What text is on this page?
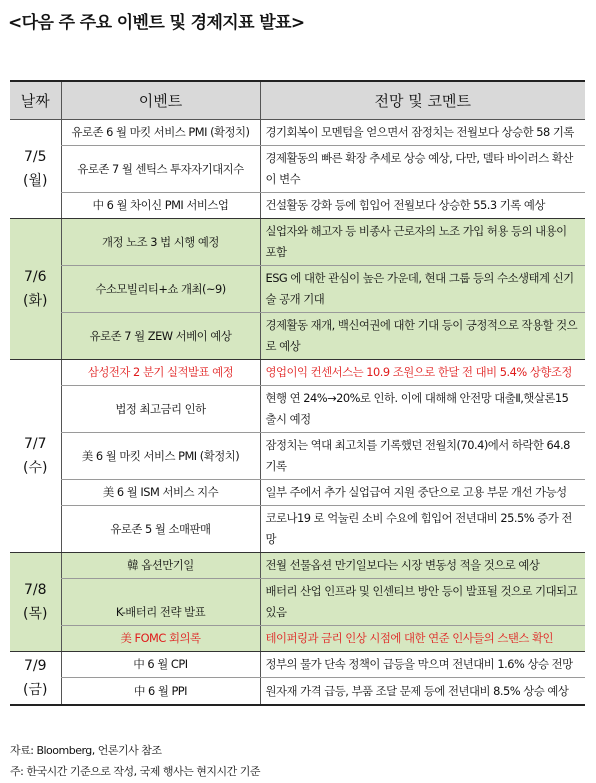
<다음 주 주요 이벤트 및 경제지표 발표>
날짜	이벤트	전망 및 코멘트

7/5
(월)	유로존 6 월 마킷 서비스 PMI (확정치)	경기회복이 모멘텀을 얻으면서 잠정치는 전월보다 상승한 58 기록
	유로존 7 월 센틱스 투자자기대지수	경제활동의 빠른 확장 추세로 상승 예상, 다만, 델타 바이러스 확산이 변수
	中 6 월 차이신 PMI 서비스업	건설활동 강화 등에 힘입어 전월보다 상승한 55.3 기록 예상

7/6
(화)	개정 노조 3 법 시행 예정	실업자와 해고자 등 비종사 근로자의 노조 가입 허용 등의 내용이 포함
	수소모빌리티+쇼 개최(~9)	ESG 에 대한 관심이 높은 가운데, 현대 그룹 등의 수소생태계 신기술 공개 기대
	유로존 7 월 ZEW 서베이 예상	경제활동 재개, 백신여권에 대한 기대 등이 긍정적으로 작용할 것으로 예상

7/7
(수)	삼성전자 2 분기 실적발표 예정	영업이익 컨센서스는 10.9 조원으로 한달 전 대비 5.4% 상향조정
	법정 최고금리 인하	현행 연 24%→20%로 인하. 이에 대해해 안전망 대출Ⅱ,햇살론15 출시 예정
	美 6 월 마킷 서비스 PMI (확정치)	잠정치는 역대 최고치를 기록했던 전월치(70.4)에서 하락한 64.8 기록
	美 6 월 ISM 서비스 지수	일부 주에서 추가 실업급여 지원 중단으로 고용 부문 개선 가능성
	유로존 5 월 소매판매	코로나19 로 억눌린 소비 수요에 힘입어 전년대비 25.5% 증가 전망

7/8
(목)	韓 옵션만기일	전월 선물옵션 만기일보다는 시장 변동성 적을 것으로 예상
	K-배터리 전략 발표	배터리 산업 인프라 및 인센티브 방안 등이 발표될 것으로 기대되고 있음
	美 FOMC 회의록	테이퍼링과 금리 인상 시점에 대한 연준 인사들의 스탠스 확인

7/9
(금)	中 6 월 CPI	정부의 물가 단속 정책이 급등을 막으며 전년대비 1.6% 상승 전망
	中 6 월 PPI	원자재 가격 급등, 부품 조달 문제 등에 전년대비 8.5% 상승 예상
자료: Bloomberg, 언론기사 참조
주: 한국시간 기준으로 작성, 국제 행사는 현지시간 기준
